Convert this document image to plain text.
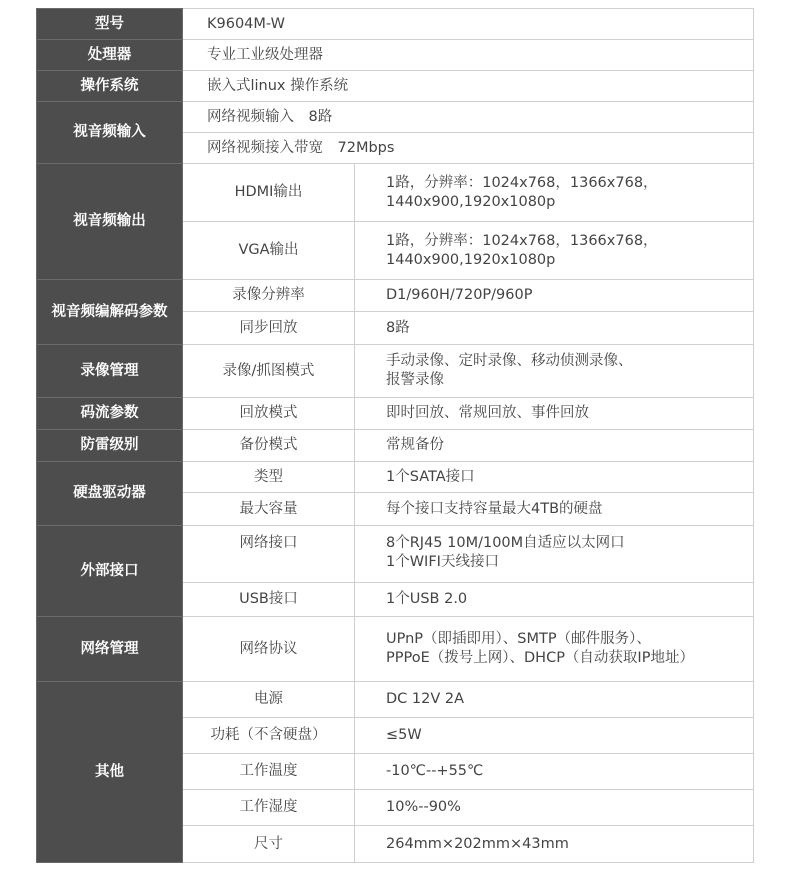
型号	K9604M-W	
处理器	专业工业级处理器	
操作系统	嵌入式linux 操作系统	
视音频输入	网络视频输入　8路	
	网络视频接入带宽　72Mbps	
视音频输出	HDMI输出	1路，分辨率：1024x768，1366x768，
1440x900,1920x1080p

	VGA输出	1路，分辨率：1024x768，1366x768，
1440x900,1920x1080p

视音频编解码参数	录像分辨率	D1/960H/720P/960P
	同步回放	8路
录像管理	录像/抓图模式	手动录像、定时录像、移动侦测录像、
报警录像

码流参数	回放模式	即时回放、常规回放、事件回放
防雷级别	备份模式	常规备份
硬盘驱动器	类型	1个SATA接口
	最大容量	每个接口支持容量最大4TB的硬盘
外部接口	网络接口	8个RJ45 10M/100M自适应以太网口
1个WIFI天线接口

	USB接口	1个USB 2.0
网络管理	网络协议	UPnP（即插即用）、SMTP（邮件服务）、
PPPoE（拨号上网）、DHCP（自动获取IP地址）

其他	电源	DC 12V 2A
	功耗（不含硬盘）	≤5W
	工作温度	-10℃--+55℃
	工作湿度	10%--90%
	尺寸	264mm×202mm×43mm
